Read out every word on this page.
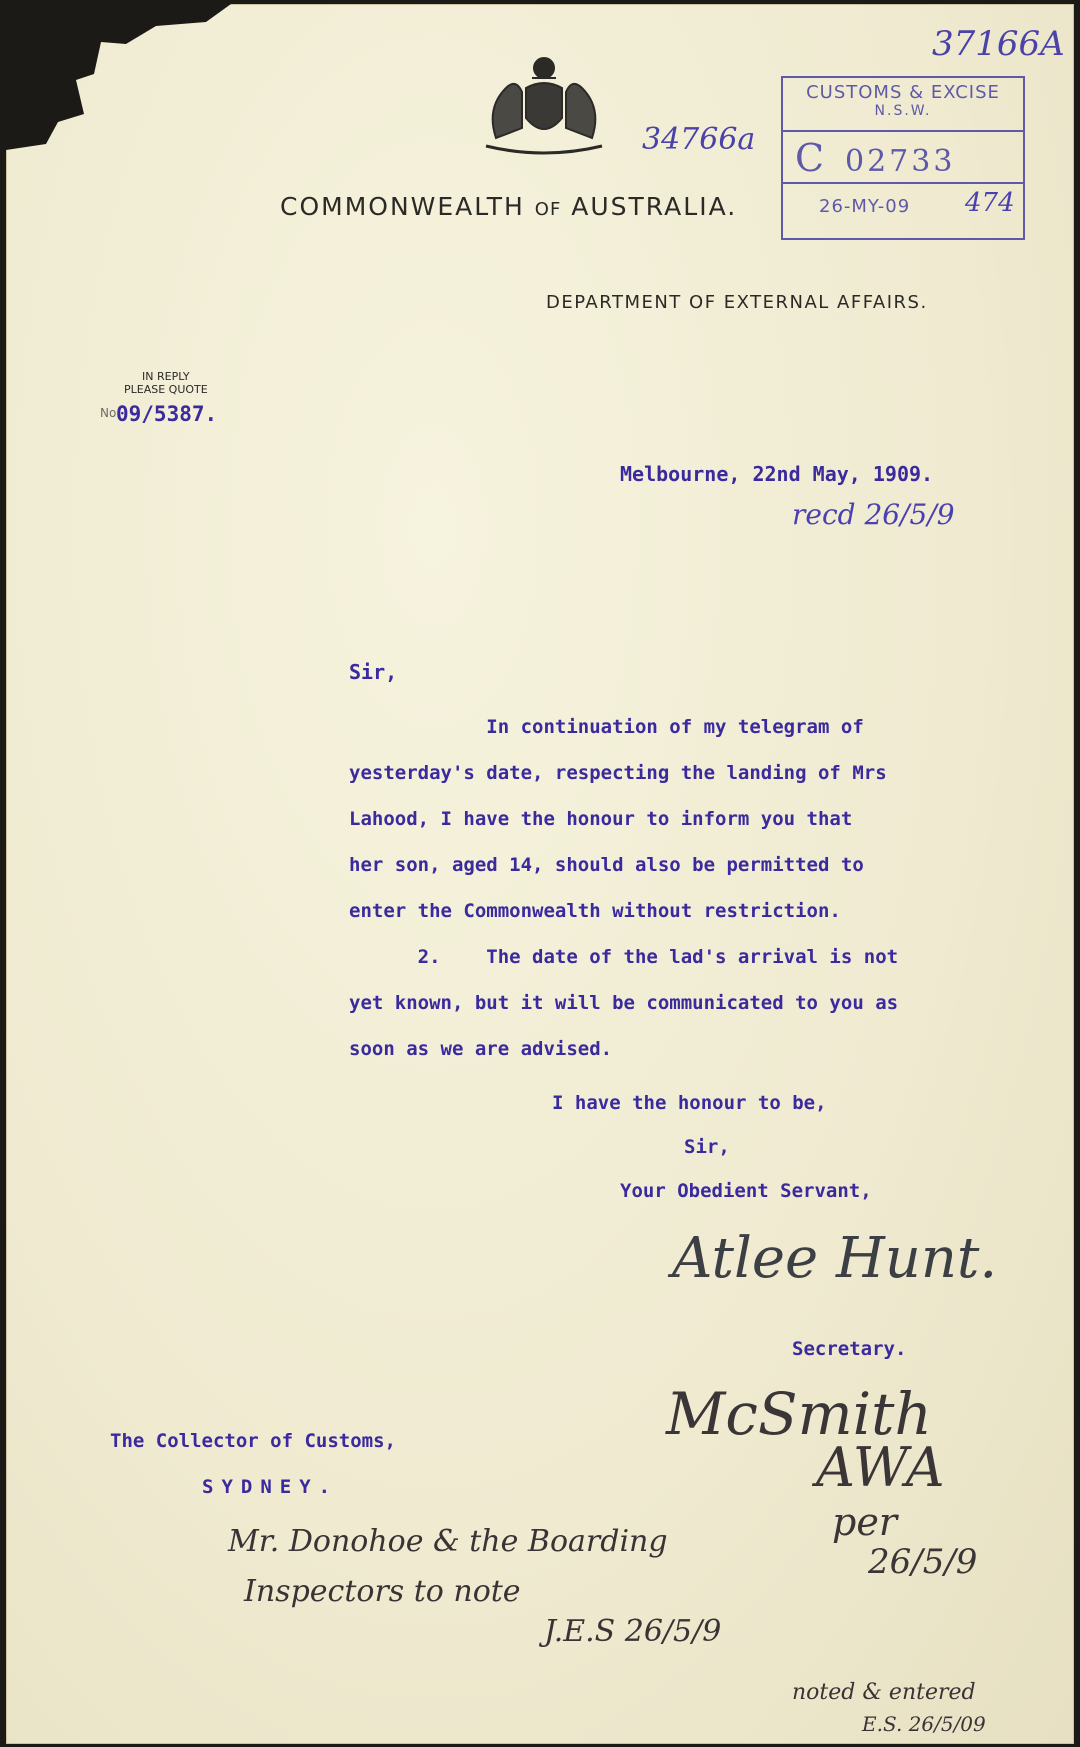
COMMONWEALTH OF AUSTRALIA.
DEPARTMENT OF EXTERNAL AFFAIRS.
37166A
34766a
CUSTOMS & EXCISE
N.S.W.
C 02733
26-MY-09 474
IN REPLY
PLEASE QUOTE
No.
09/5387.
Melbourne, 22nd May, 1909.
recd 26/5/9
Sir,

In continuation of my telegram of

yesterday's date, respecting the landing of Mrs

Lahood, I have the honour to inform you that

her son, aged 14, should also be permitted to

enter the Commonwealth without restriction.

2.    The date of the lad's arrival is not

yet known, but it will be communicated to you as

soon as we are advised.

I have the honour to be,
Sir,
Your Obedient Servant,
Atlee Hunt.
Secretary.
McSmith
AWA
per
26/5/9
The Collector of Customs,
SYDNEY.
Mr. Donohoe & the Boarding
Inspectors to note
J.E.S 26/5/9
noted & entered
E.S. 26/5/09
